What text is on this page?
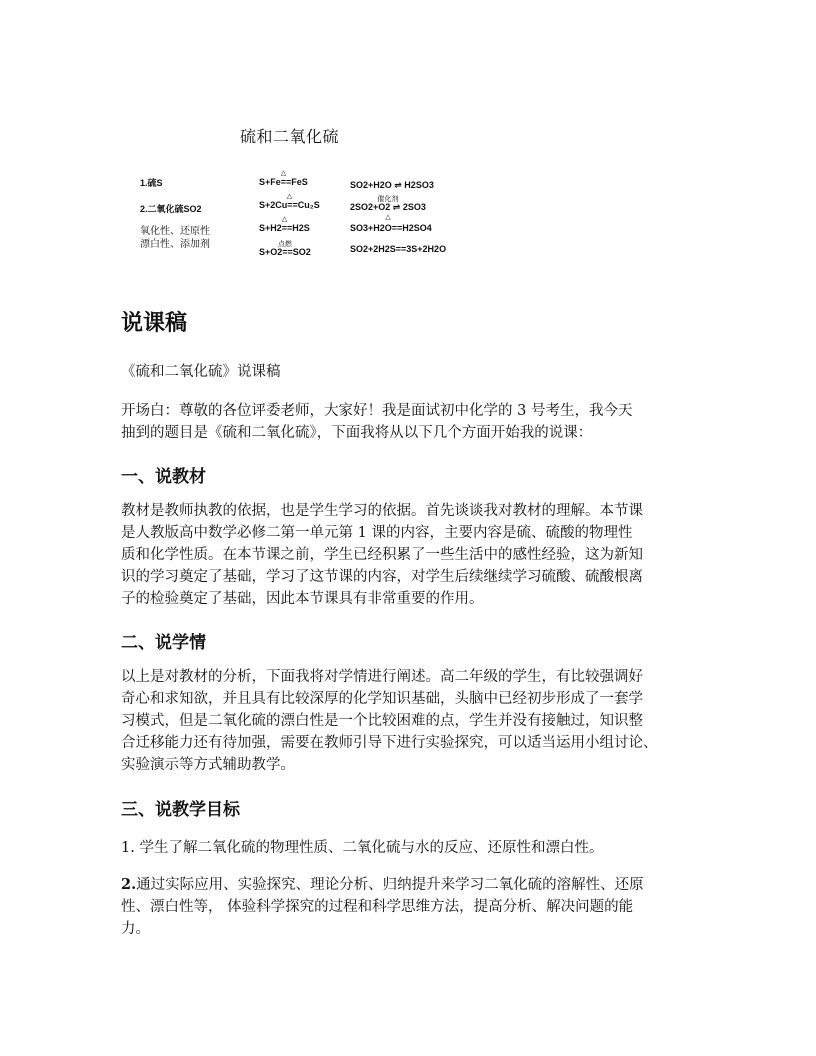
硫和二氧化硫
1.硫S
2.二氧化硫SO2
氧化性、还原性
漂白性、添加剂
△
S+Fe==FeS
△
S+2Cu==Cu₂S
△
S+H2==H2S
点燃
S+O2==SO2
SO2+H2O ⇌ H2SO3
催化剂
2SO2+O2 ⇌ 2SO3
△
SO3+H2O==H2SO4
SO2+2H2S==3S+2H2O
说课稿
《硫和二氧化硫》说课稿
开场白：尊敬的各位评委老师，大家好！我是面试初中化学的 3 号考生，我今天
抽到的题目是《硫和二氧化硫》，下面我将从以下几个方面开始我的说课：
一、说教材
教材是教师执教的依据，也是学生学习的依据。首先谈谈我对教材的理解。本节课
是人教版高中数学必修二第一单元第 1 课的内容，主要内容是硫、硫酸的物理性
质和化学性质。在本节课之前，学生已经积累了一些生活中的感性经验，这为新知
识的学习奠定了基础，学习了这节课的内容，对学生后续继续学习硫酸、硫酸根离
子的检验奠定了基础，因此本节课具有非常重要的作用。
二、说学情
以上是对教材的分析，下面我将对学情进行阐述。高二年级的学生，有比较强调好
奇心和求知欲，并且具有比较深厚的化学知识基础，头脑中已经初步形成了一套学
习模式，但是二氧化硫的漂白性是一个比较困难的点，学生并没有接触过，知识整
合迁移能力还有待加强，需要在教师引导下进行实验探究，可以适当运用小组讨论、
实验演示等方式辅助教学。
三、说教学目标
1. 学生了解二氧化硫的物理性质、二氧化硫与水的反应、还原性和漂白性。
2.通过实际应用、实验探究、理论分析、归纳提升来学习二氧化硫的溶解性、还原
性、漂白性等， 体验科学探究的过程和科学思维方法，提高分析、解决问题的能
力。
